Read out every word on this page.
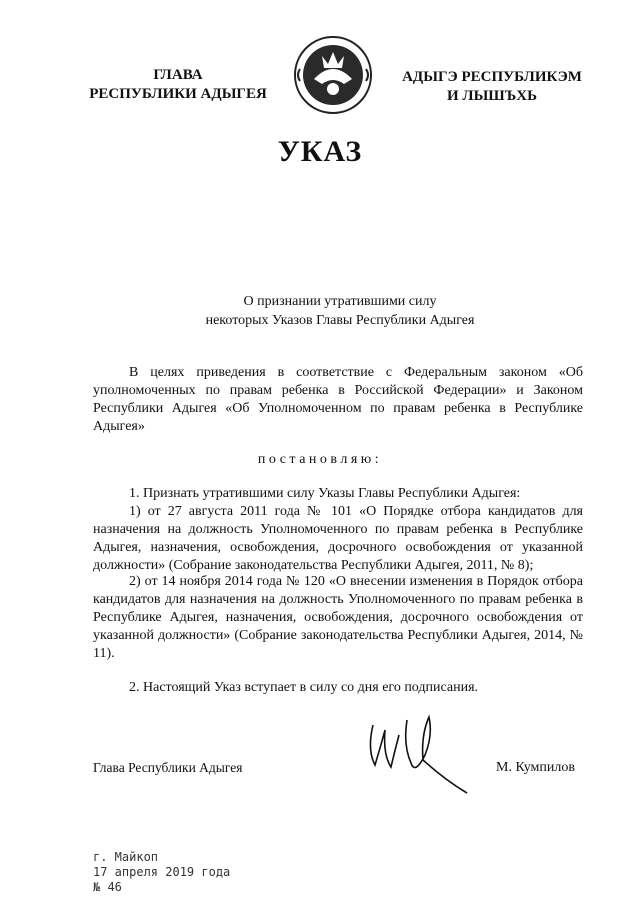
ГЛАВА
РЕСПУБЛИКИ АДЫГЕЯ
АДЫГЭ РЕСПУБЛИКЭМ
И ЛЫШЪХЬ
УКАЗ
О признании утратившими силу
некоторых Указов Главы Республики Адыгея
В целях приведения в соответствие с Федеральным законом «Об уполномоченных по правам ребенка в Российской Федерации» и Законом Республики Адыгея «Об Уполномоченном по правам ребенка в Республике Адыгея»
постановляю:
1. Признать утратившими силу Указы Главы Республики Адыгея:
1) от 27 августа 2011 года № 101 «О Порядке отбора кандидатов для назначения на должность Уполномоченного по правам ребенка в Республике Адыгея, назначения, освобождения, досрочного освобождения от указанной должности» (Собрание законодательства Республики Адыгея, 2011, № 8);
2) от 14 ноября 2014 года № 120 «О внесении изменения в Порядок отбора кандидатов для назначения на должность Уполномоченного по правам ребенка в Республике Адыгея, назначения, освобождения, досрочного освобождения от указанной должности» (Собрание законодательства Республики Адыгея, 2014, № 11).
2. Настоящий Указ вступает в силу со дня его подписания.
Глава Республики Адыгея	М. Кумпилов
г. Майкоп
17 апреля 2019 года
№ 46
